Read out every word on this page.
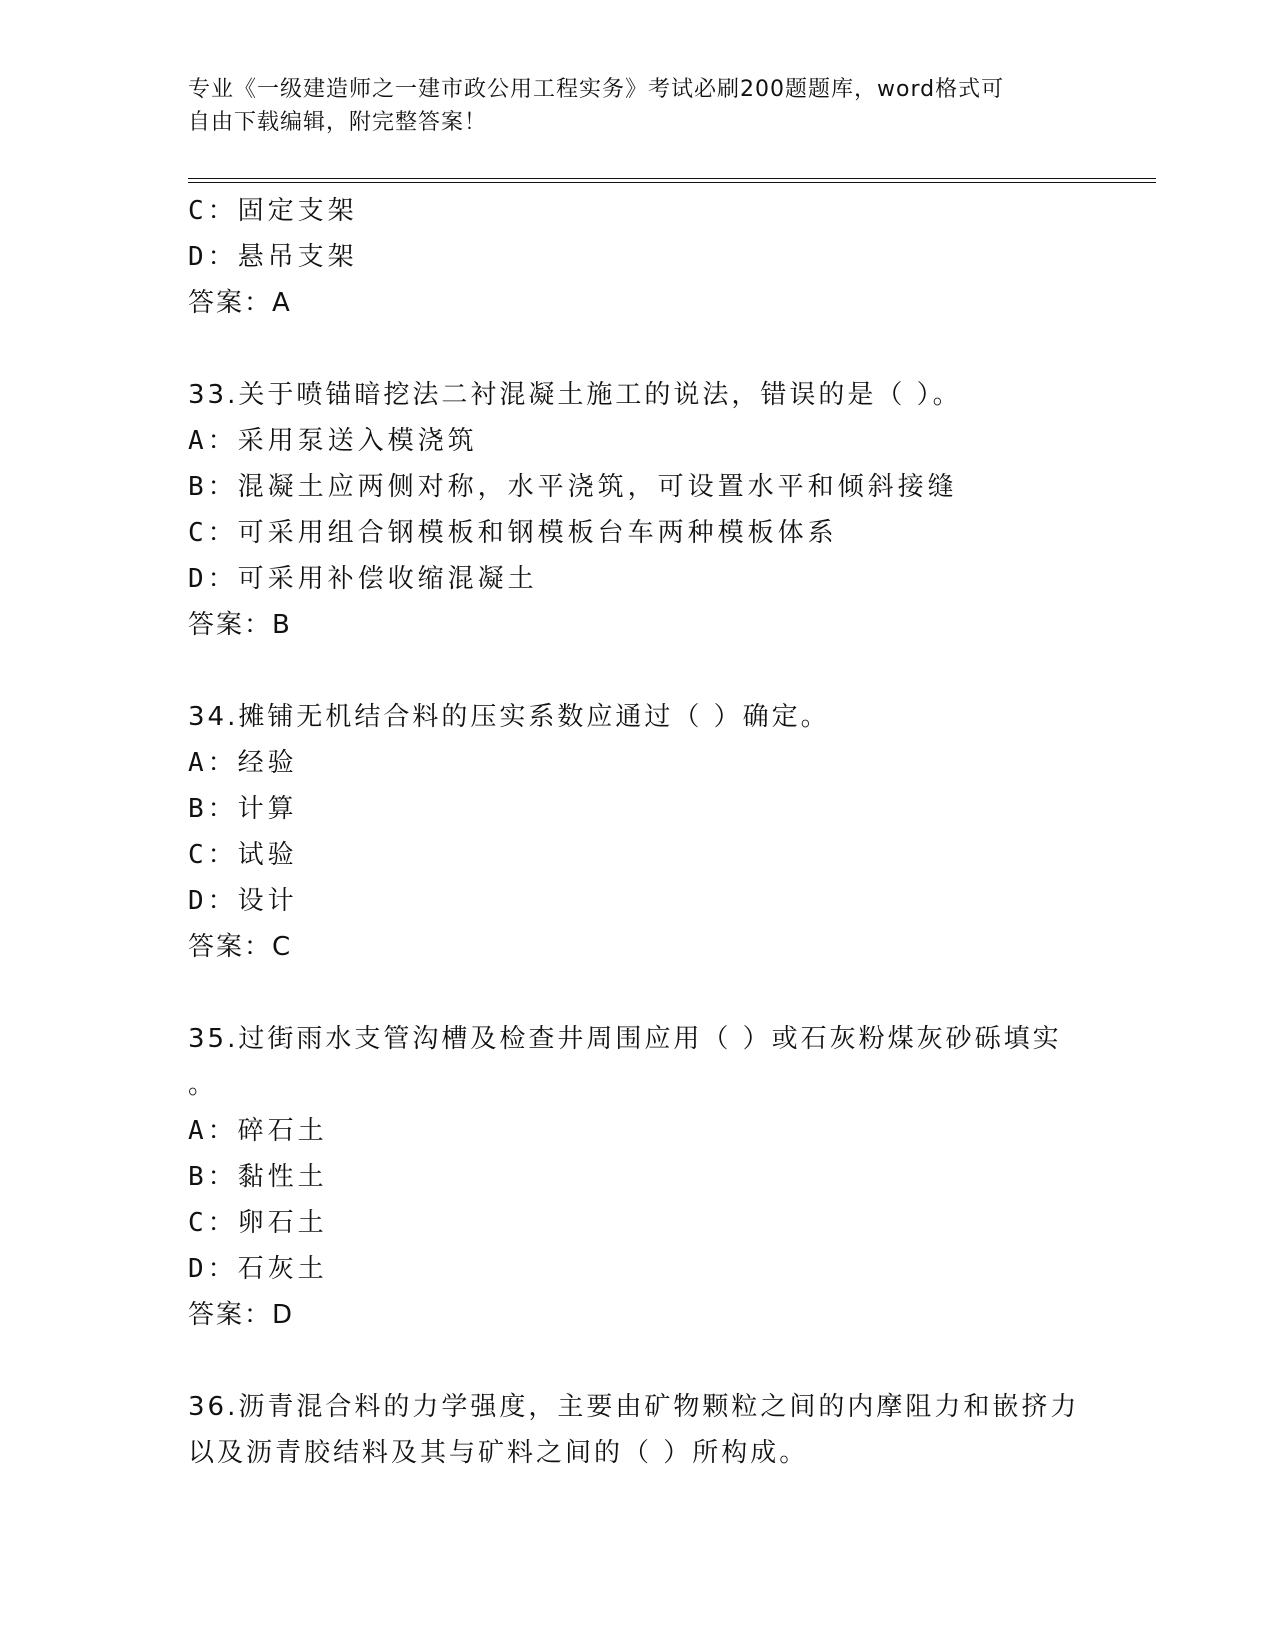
专业《一级建造师之一建市政公用工程实务》考试必刷200题题库，word格式可
自由下载编辑，附完整答案！
C：固定支架
D：悬吊支架
答案：A
33.关于喷锚暗挖法二衬混凝土施工的说法，错误的是（ ）。
A：采用泵送入模浇筑
B：混凝土应两侧对称，水平浇筑，可设置水平和倾斜接缝
C：可采用组合钢模板和钢模板台车两种模板体系
D：可采用补偿收缩混凝土
答案：B
34.摊铺无机结合料的压实系数应通过（ ）确定。
A：经验
B：计算
C：试验
D：设计
答案：C
35.过街雨水支管沟槽及检查井周围应用（ ）或石灰粉煤灰砂砾填实
。
A：碎石土
B：黏性土
C：卵石土
D：石灰土
答案：D
36.沥青混合料的力学强度，主要由矿物颗粒之间的内摩阻力和嵌挤力
以及沥青胶结料及其与矿料之间的（ ）所构成。
